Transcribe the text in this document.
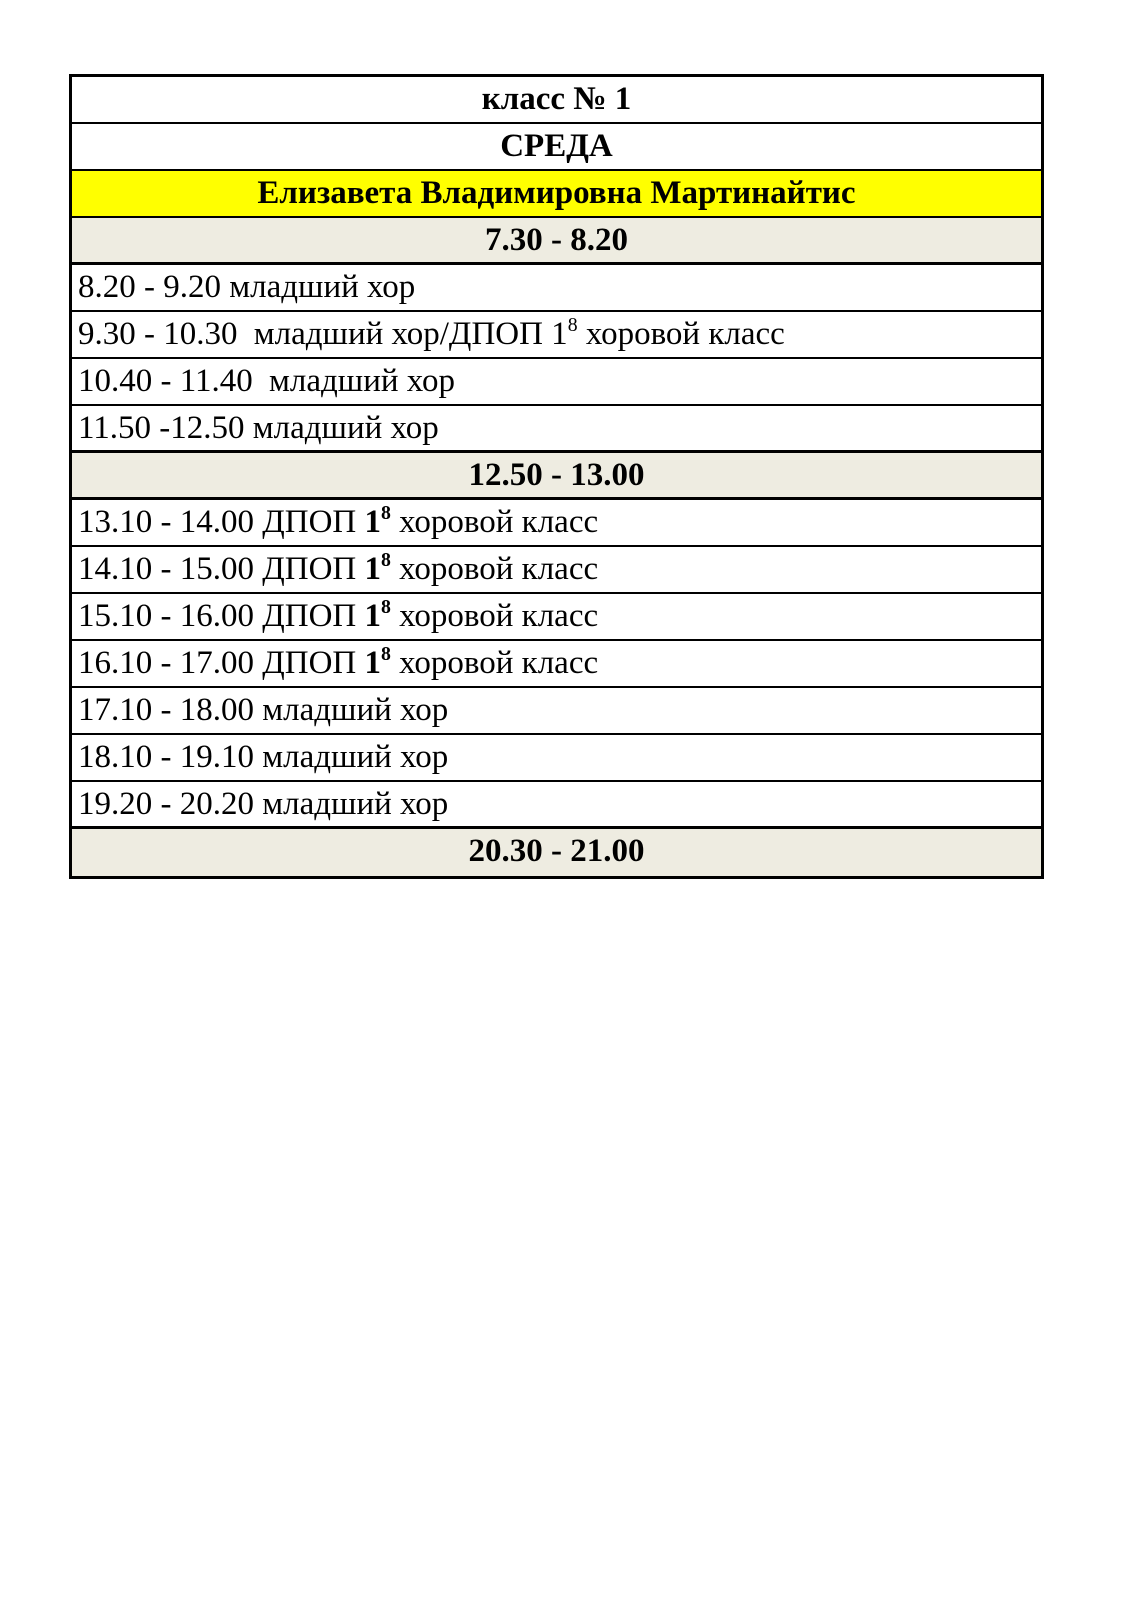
класс № 1
СРЕДА
Елизавета Владимировна Мартинайтис
7.30 - 8.20
8.20 - 9.20 младший хор
9.30 - 10.30 младший хор/ДПОП $1^8$ хоровой класс
10.40 - 11.40 младший хор
11.50 -12.50 младший хор
12.50 - 13.00
13.10 - 14.00 ДПОП $1^8$ хоровой класс
14.10 - 15.00 ДПОП $1^8$ хоровой класс
15.10 - 16.00 ДПОП $1^8$ хоровой класс
16.10 - 17.00 ДПОП $1^8$ хоровой класс
17.10 - 18.00 младший хор
18.10 - 19.10 младший хор
19.20 - 20.20 младший хор
20.30 - 21.00
